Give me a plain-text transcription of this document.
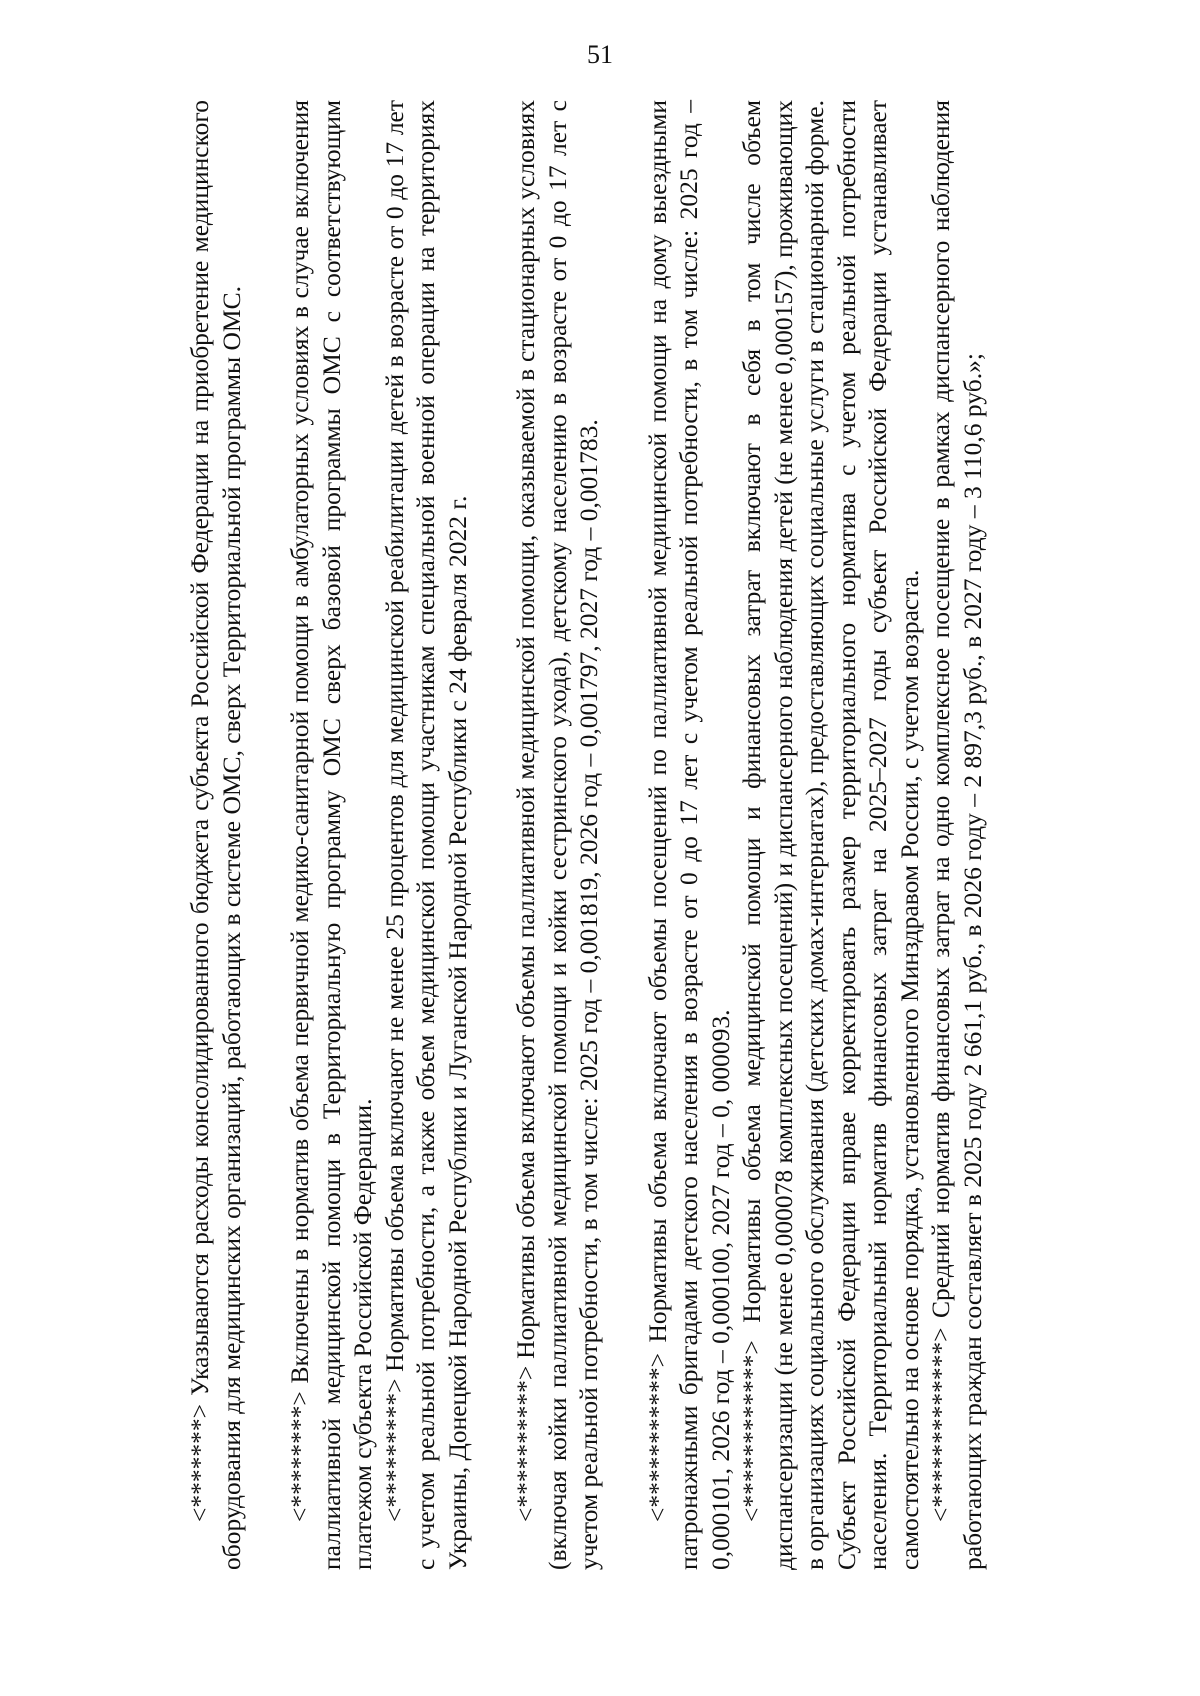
51

<*******> Указываются расходы консолидированного бюджета субъекта Российской Федерации на приобретение медицинского оборудования для медицинских организаций, работающих в системе ОМС, сверх Территориальной программы ОМС. <********> Включены в норматив объема первичной медико-санитарной помощи в амбулаторных условиях в случае включения паллиативной медицинской помощи в Территориальную программу ОМС сверх базовой программы ОМС с соответствующим платежом субъекта Российской Федерации. <*********> Нормативы объема включают не менее 25 процентов для медицинской реабилитации детей в возрасте от 0 до 17 лет с учетом реальной потребности, а также объем медицинской помощи участникам специальной военной операции на территориях Украины, Донецкой Народной Республики и Луганской Народной Республики с 24 февраля 2022 г. <**********> Нормативы объема включают объемы паллиативной медицинской помощи, оказываемой в стационарных условиях (включая койки паллиативной медицинской помощи и койки сестринского ухода), детскому населению в возрасте от 0 до 17 лет с учетом реальной потребности, в том числе: 2025 год – 0,001819, 2026 год – 0,001797, 2027 год – 0,001783. <***********> Нормативы объема включают объемы посещений по паллиативной медицинской помощи на дому выездными патронажными бригадами детского населения в возрасте от 0 до 17 лет с учетом реальной потребности, в том числе: 2025 год – 0,000101, 2026 год – 0,000100, 2027 год – 0, 000093. <************> Нормативы объема медицинской помощи и финансовых затрат включают в себя в том числе объем диспансеризации (не менее 0,000078 комплексных посещений) и диспансерного наблюдения детей (не менее 0,000157), проживающих в организациях социального обслуживания (детских домах-интернатах), предоставляющих социальные услуги в стационарной форме. Субъект Российской Федерации вправе корректировать размер территориального норматива с учетом реальной потребности населения. Территориальный норматив финансовых затрат на 2025–2027 годы субъект Российской Федерации устанавливает самостоятельно на основе порядка, установленного Минздравом России, с учетом возраста. <*************> Средний норматив финансовых затрат на одно комплексное посещение в рамках диспансерного наблюдения работающих граждан составляет в 2025 году 2 661,1 руб., в 2026 году – 2 897,3 руб., в 2027 году – 3 110,6 руб.»;
